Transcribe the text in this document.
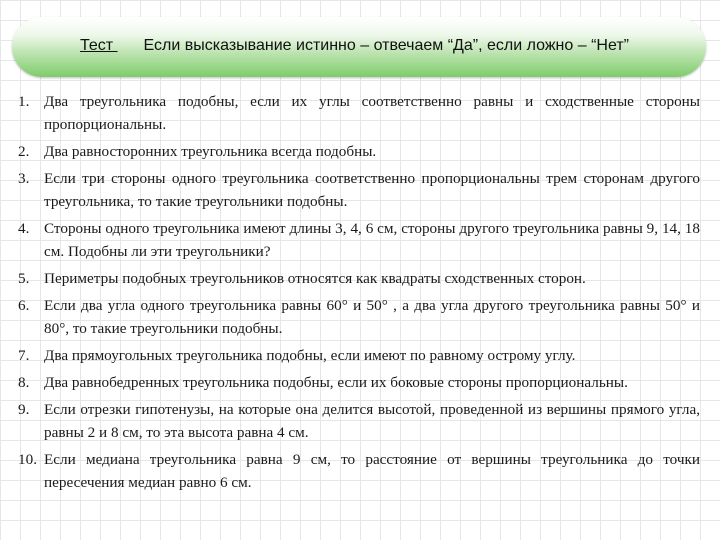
Тест Если высказывание истинно – отвечаем “Да”, если ложно – “Нет”
1. Два треугольника подобны, если их углы соответственно равны и сходственные стороны пропорциональны.
2. Два равносторонних треугольника всегда подобны.
3. Если три стороны одного треугольника соответственно пропорциональны трем сторонам другого треугольника, то такие треугольники подобны.
4. Стороны одного треугольника имеют длины 3, 4, 6 см, стороны другого треугольника равны 9, 14, 18 см. Подобны ли эти треугольники?
5. Периметры подобных треугольников относятся как квадраты сходственных сторон.
6. Если два угла одного треугольника равны 60° и 50° , а два угла другого треугольника равны 50° и 80°, то такие треугольники подобны.
7. Два прямоугольных треугольника подобны, если имеют по равному острому углу.
8. Два равнобедренных треугольника подобны, если их боковые стороны пропорциональны.
9. Если отрезки гипотенузы, на которые она делится высотой, проведенной из вершины прямого угла, равны 2 и 8 см, то эта высота равна 4 см.
10. Если медиана треугольника равна 9 см, то расстояние от вершины треугольника до точки пересечения медиан равно 6 см.
